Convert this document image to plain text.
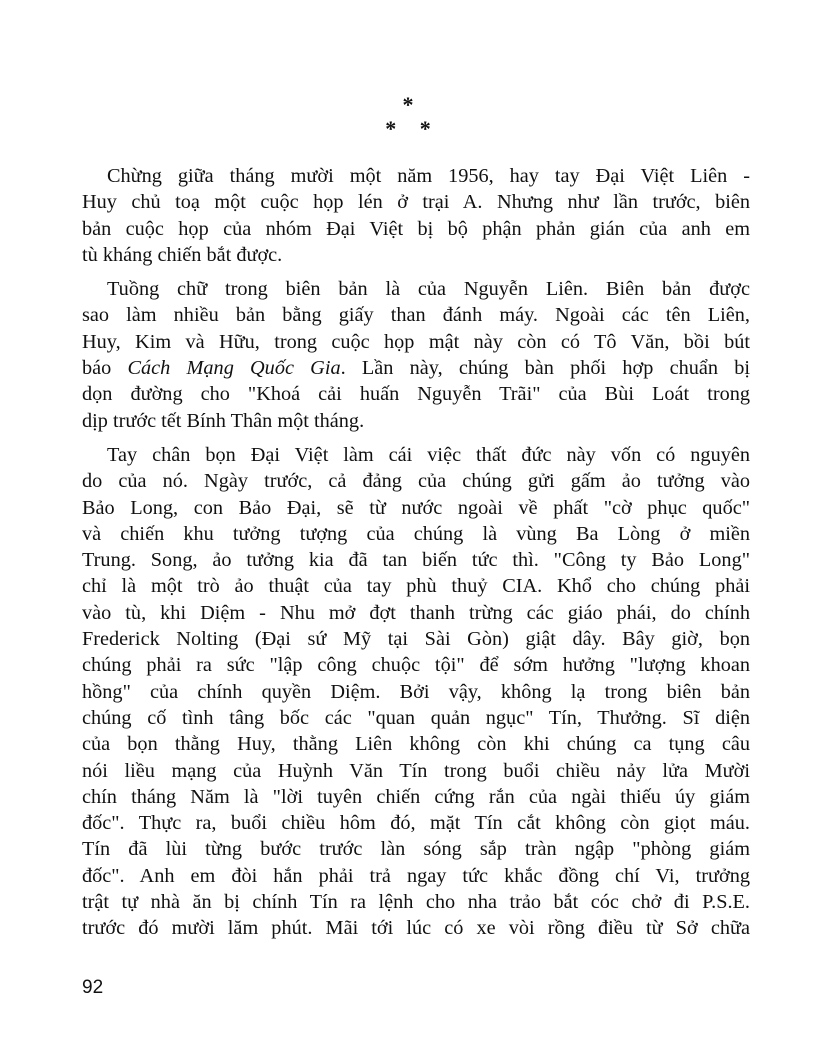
*
* *
Chừng giữa tháng mười một năm 1956, hay tay Đại Việt Liên -
Huy chủ toạ một cuộc họp lén ở trại A. Nhưng như lần trước, biên
bản cuộc họp của nhóm Đại Việt bị bộ phận phản gián của anh em
tù kháng chiến bắt được.
Tuồng chữ trong biên bản là của Nguyễn Liên. Biên bản được
sao làm nhiều bản bằng giấy than đánh máy. Ngoài các tên Liên,
Huy, Kim và Hữu, trong cuộc họp mật này còn có Tô Văn, bồi bút
báo Cách Mạng Quốc Gia. Lần này, chúng bàn phối hợp chuẩn bị
dọn đường cho "Khoá cải huấn Nguyễn Trãi" của Bùi Loát trong
dịp trước tết Bính Thân một tháng.
Tay chân bọn Đại Việt làm cái việc thất đức này vốn có nguyên
do của nó. Ngày trước, cả đảng của chúng gửi gấm ảo tưởng vào
Bảo Long, con Bảo Đại, sẽ từ nước ngoài về phất "cờ phục quốc"
và chiến khu tưởng tượng của chúng là vùng Ba Lòng ở miền
Trung. Song, ảo tưởng kia đã tan biến tức thì. "Công ty Bảo Long"
chỉ là một trò ảo thuật của tay phù thuỷ CIA. Khổ cho chúng phải
vào tù, khi Diệm - Nhu mở đợt thanh trừng các giáo phái, do chính
Frederick Nolting (Đại sứ Mỹ tại Sài Gòn) giật dây. Bây giờ, bọn
chúng phải ra sức "lập công chuộc tội" để sớm hưởng "lượng khoan
hồng" của chính quyền Diệm. Bởi vậy, không lạ trong biên bản
chúng cố tình tâng bốc các "quan quản ngục" Tín, Thưởng. Sĩ diện
của bọn thằng Huy, thằng Liên không còn khi chúng ca tụng câu
nói liều mạng của Huỳnh Văn Tín trong buổi chiều nảy lửa Mười
chín tháng Năm là "lời tuyên chiến cứng rắn của ngài thiếu úy giám
đốc". Thực ra, buổi chiều hôm đó, mặt Tín cắt không còn giọt máu.
Tín đã lùi từng bước trước làn sóng sắp tràn ngập "phòng giám
đốc". Anh em đòi hắn phải trả ngay tức khắc đồng chí Vi, trưởng
trật tự nhà ăn bị chính Tín ra lệnh cho nha trảo bắt cóc chở đi P.S.E.
trước đó mười lăm phút. Mãi tới lúc có xe vòi rồng điều từ Sở chữa
92
